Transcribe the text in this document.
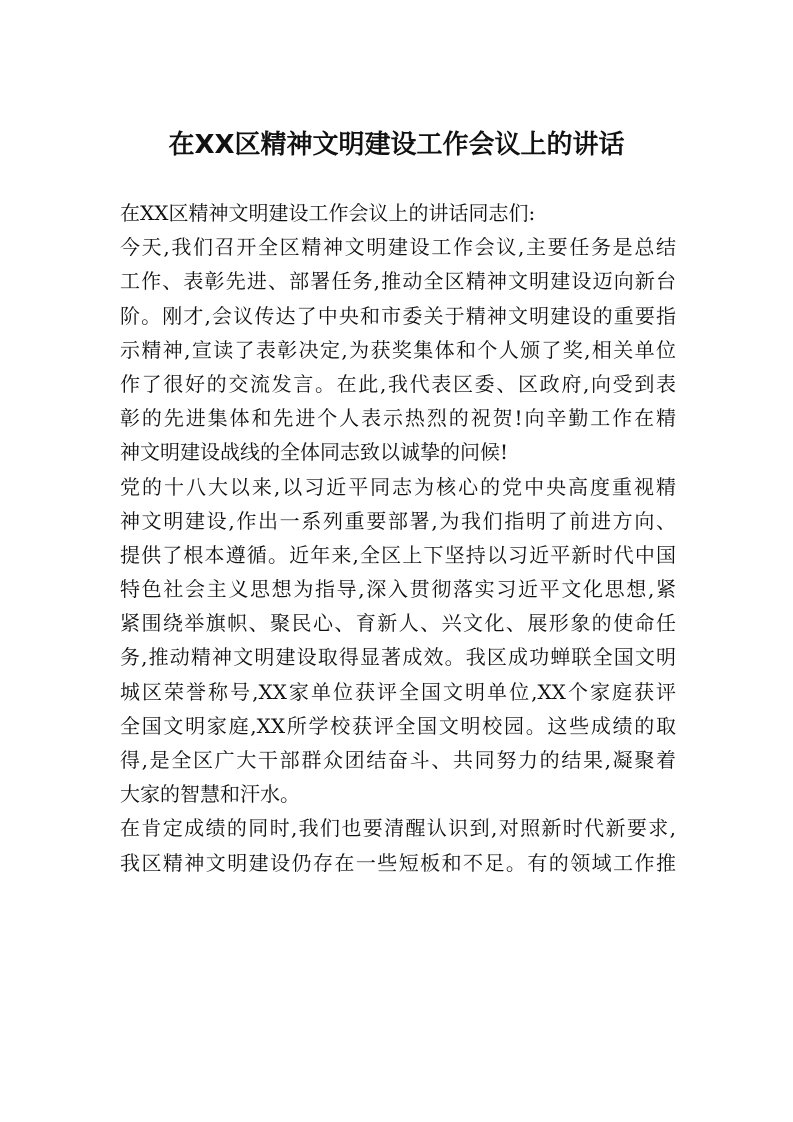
在XX区精神文明建设工作会议上的讲话

在XX区精神文明建设工作会议上的讲话同志们:

今天,我们召开全区精神文明建设工作会议,主要任务是总结
工作、表彰先进、部署任务,推动全区精神文明建设迈向新台
阶。刚才,会议传达了中央和市委关于精神文明建设的重要指
示精神,宣读了表彰决定,为获奖集体和个人颁了奖,相关单位
作了很好的交流发言。在此,我代表区委、区政府,向受到表
彰的先进集体和先进个人表示热烈的祝贺!向辛勤工作在精
神文明建设战线的全体同志致以诚挚的问候!

党的十八大以来,以习近平同志为核心的党中央高度重视精
神文明建设,作出一系列重要部署,为我们指明了前进方向、
提供了根本遵循。近年来,全区上下坚持以习近平新时代中国
特色社会主义思想为指导,深入贯彻落实习近平文化思想,紧
紧围绕举旗帜、聚民心、育新人、兴文化、展形象的使命任
务,推动精神文明建设取得显著成效。我区成功蝉联全国文明
城区荣誉称号,XX家单位获评全国文明单位,XX个家庭获评
全国文明家庭,XX所学校获评全国文明校园。这些成绩的取
得,是全区广大干部群众团结奋斗、共同努力的结果,凝聚着
大家的智慧和汗水。

在肯定成绩的同时,我们也要清醒认识到,对照新时代新要求,
我区精神文明建设仍存在一些短板和不足。有的领域工作推
